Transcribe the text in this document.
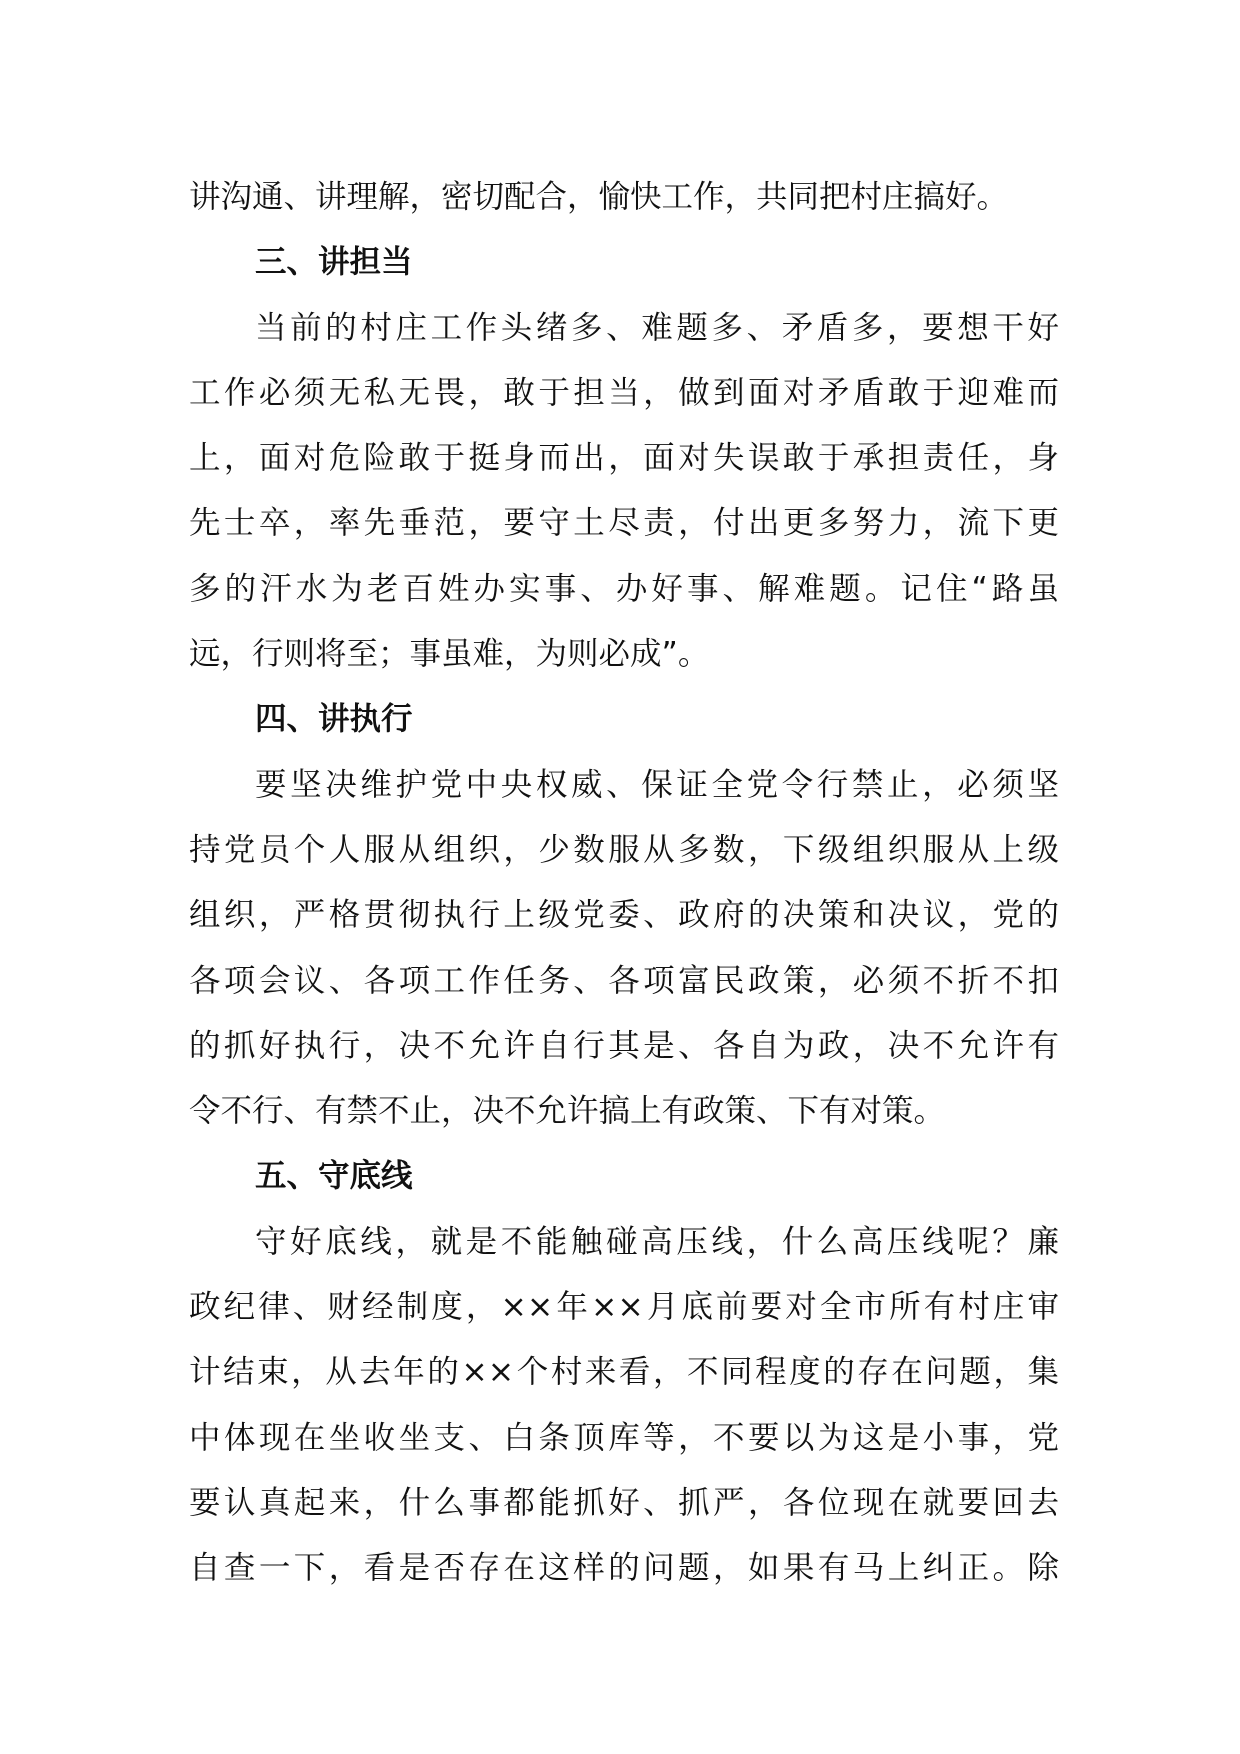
讲沟通、讲理解，密切配合，愉快工作，共同把村庄搞好。
三、讲担当
当前的村庄工作头绪多、难题多、矛盾多，要想干好
工作必须无私无畏，敢于担当，做到面对矛盾敢于迎难而
上，面对危险敢于挺身而出，面对失误敢于承担责任，身
先士卒，率先垂范，要守土尽责，付出更多努力，流下更
多的汗水为老百姓办实事、办好事、解难题。记住“路虽
远，行则将至；事虽难，为则必成”。
四、讲执行
要坚决维护党中央权威、保证全党令行禁止，必须坚
持党员个人服从组织，少数服从多数，下级组织服从上级
组织，严格贯彻执行上级党委、政府的决策和决议，党的
各项会议、各项工作任务、各项富民政策，必须不折不扣
的抓好执行，决不允许自行其是、各自为政，决不允许有
令不行、有禁不止，决不允许搞上有政策、下有对策。
五、守底线
守好底线，就是不能触碰高压线，什么高压线呢？廉
政纪律、财经制度，××年××月底前要对全市所有村庄审
计结束，从去年的××个村来看，不同程度的存在问题，集
中体现在坐收坐支、白条顶库等，不要以为这是小事，党
要认真起来，什么事都能抓好、抓严，各位现在就要回去
自查一下，看是否存在这样的问题，如果有马上纠正。除
